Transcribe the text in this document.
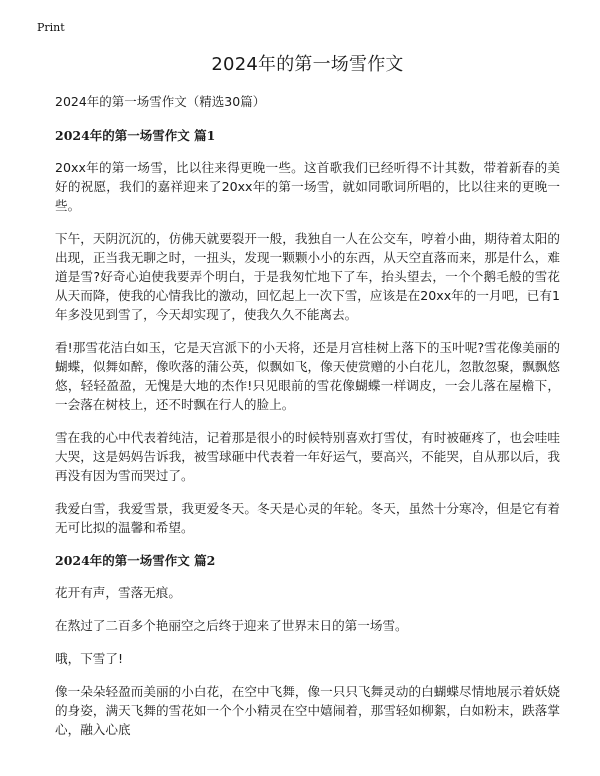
Print
2024年的第一场雪作文

2024年的第一场雪作文（精选30篇）

2024年的第一场雪作文 篇1

20xx年的第一场雪，比以往来得更晚一些。这首歌我们已经听得不计其数，带着新春的美好的祝愿，我们的嘉祥迎来了20xx年的第一场雪，就如同歌词所唱的，比以往来的更晚一些。

下午，天阴沉沉的，仿佛天就要裂开一般，我独自一人在公交车，哼着小曲，期待着太阳的出现，正当我无聊之时，一扭头，发现一颗颗小小的东西，从天空直落而来，那是什么，难道是雪?好奇心迫使我要弄个明白，于是我匆忙地下了车，抬头望去，一个个鹅毛般的雪花从天而降，使我的心情我比的激动，回忆起上一次下雪，应该是在20xx年的一月吧，已有1年多没见到雪了，今天却实现了，使我久久不能离去。

看!那雪花洁白如玉，它是天宫派下的小天将，还是月宫桂树上落下的玉叶呢?雪花像美丽的蝴蝶，似舞如醉，像吹落的蒲公英，似飘如飞，像天使赏赠的小白花儿，忽散忽聚，飘飘悠悠，轻轻盈盈，无愧是大地的杰作!只见眼前的雪花像蝴蝶一样调皮，一会儿落在屋檐下，一会落在树枝上，还不时飘在行人的脸上。

雪在我的心中代表着纯洁，记着那是很小的时候特别喜欢打雪仗，有时被砸疼了，也会哇哇大哭，这是妈妈告诉我，被雪球砸中代表着一年好运气，要高兴，不能哭，自从那以后，我再没有因为雪而哭过了。

我爱白雪，我爱雪景，我更爱冬天。冬天是心灵的年轮。冬天，虽然十分寒冷，但是它有着无可比拟的温馨和希望。

2024年的第一场雪作文 篇2

花开有声，雪落无痕。

在熬过了二百多个艳丽空之后终于迎来了世界末日的第一场雪。

哦，下雪了!

像一朵朵轻盈而美丽的小白花，在空中飞舞，像一只只飞舞灵动的白蝴蝶尽情地展示着妖娆的身姿，满天飞舞的雪花如一个个小精灵在空中嬉闹着，那雪轻如柳絮，白如粉末，跌落掌心，融入心底
